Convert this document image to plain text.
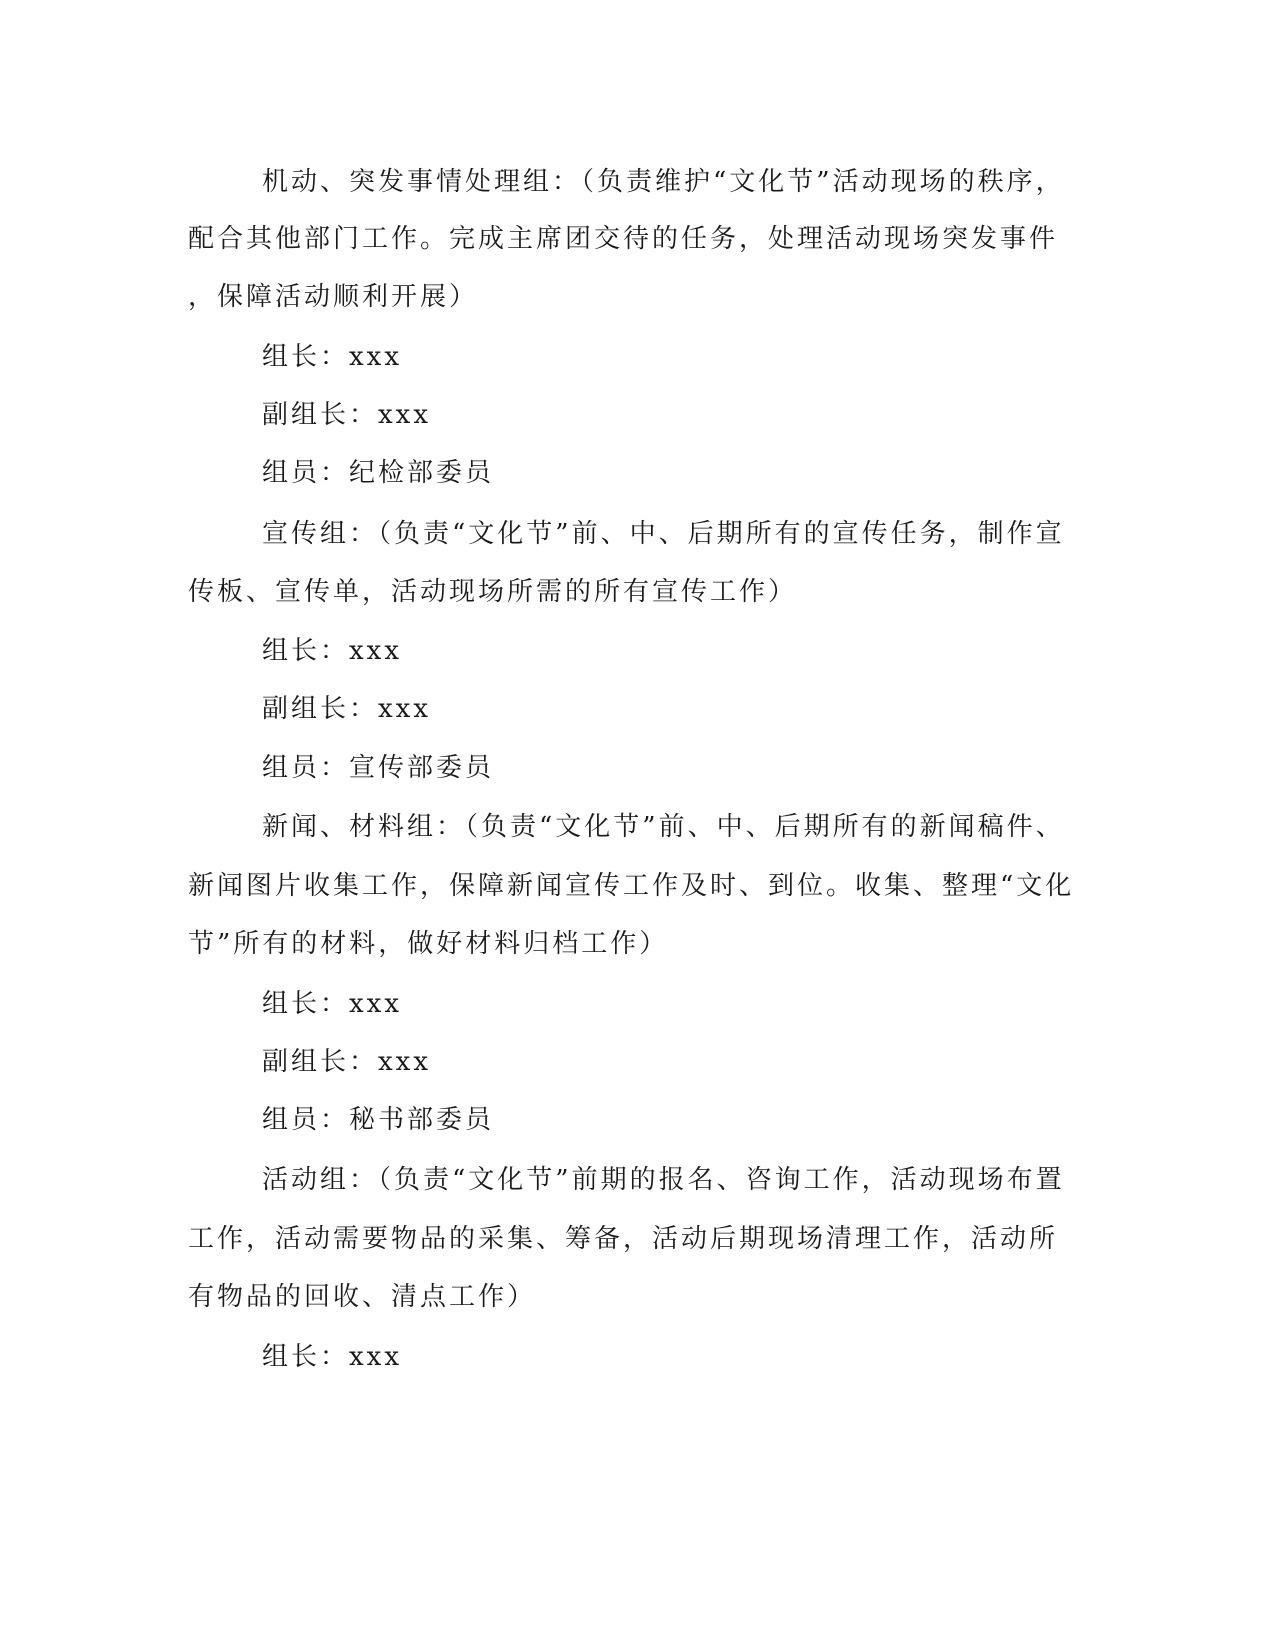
机动、突发事情处理组：（负责维护“文化节”活动现场的秩序，
配合其他部门工作。完成主席团交待的任务，处理活动现场突发事件
，保障活动顺利开展）
组长：xxx
副组长：xxx
组员：纪检部委员
宣传组：（负责“文化节”前、中、后期所有的宣传任务，制作宣
传板、宣传单，活动现场所需的所有宣传工作）
组长：xxx
副组长：xxx
组员：宣传部委员
新闻、材料组：（负责“文化节”前、中、后期所有的新闻稿件、
新闻图片收集工作，保障新闻宣传工作及时、到位。收集、整理“文化
节”所有的材料，做好材料归档工作）
组长：xxx
副组长：xxx
组员：秘书部委员
活动组：（负责“文化节”前期的报名、咨询工作，活动现场布置
工作，活动需要物品的采集、筹备，活动后期现场清理工作，活动所
有物品的回收、清点工作）
组长：xxx
